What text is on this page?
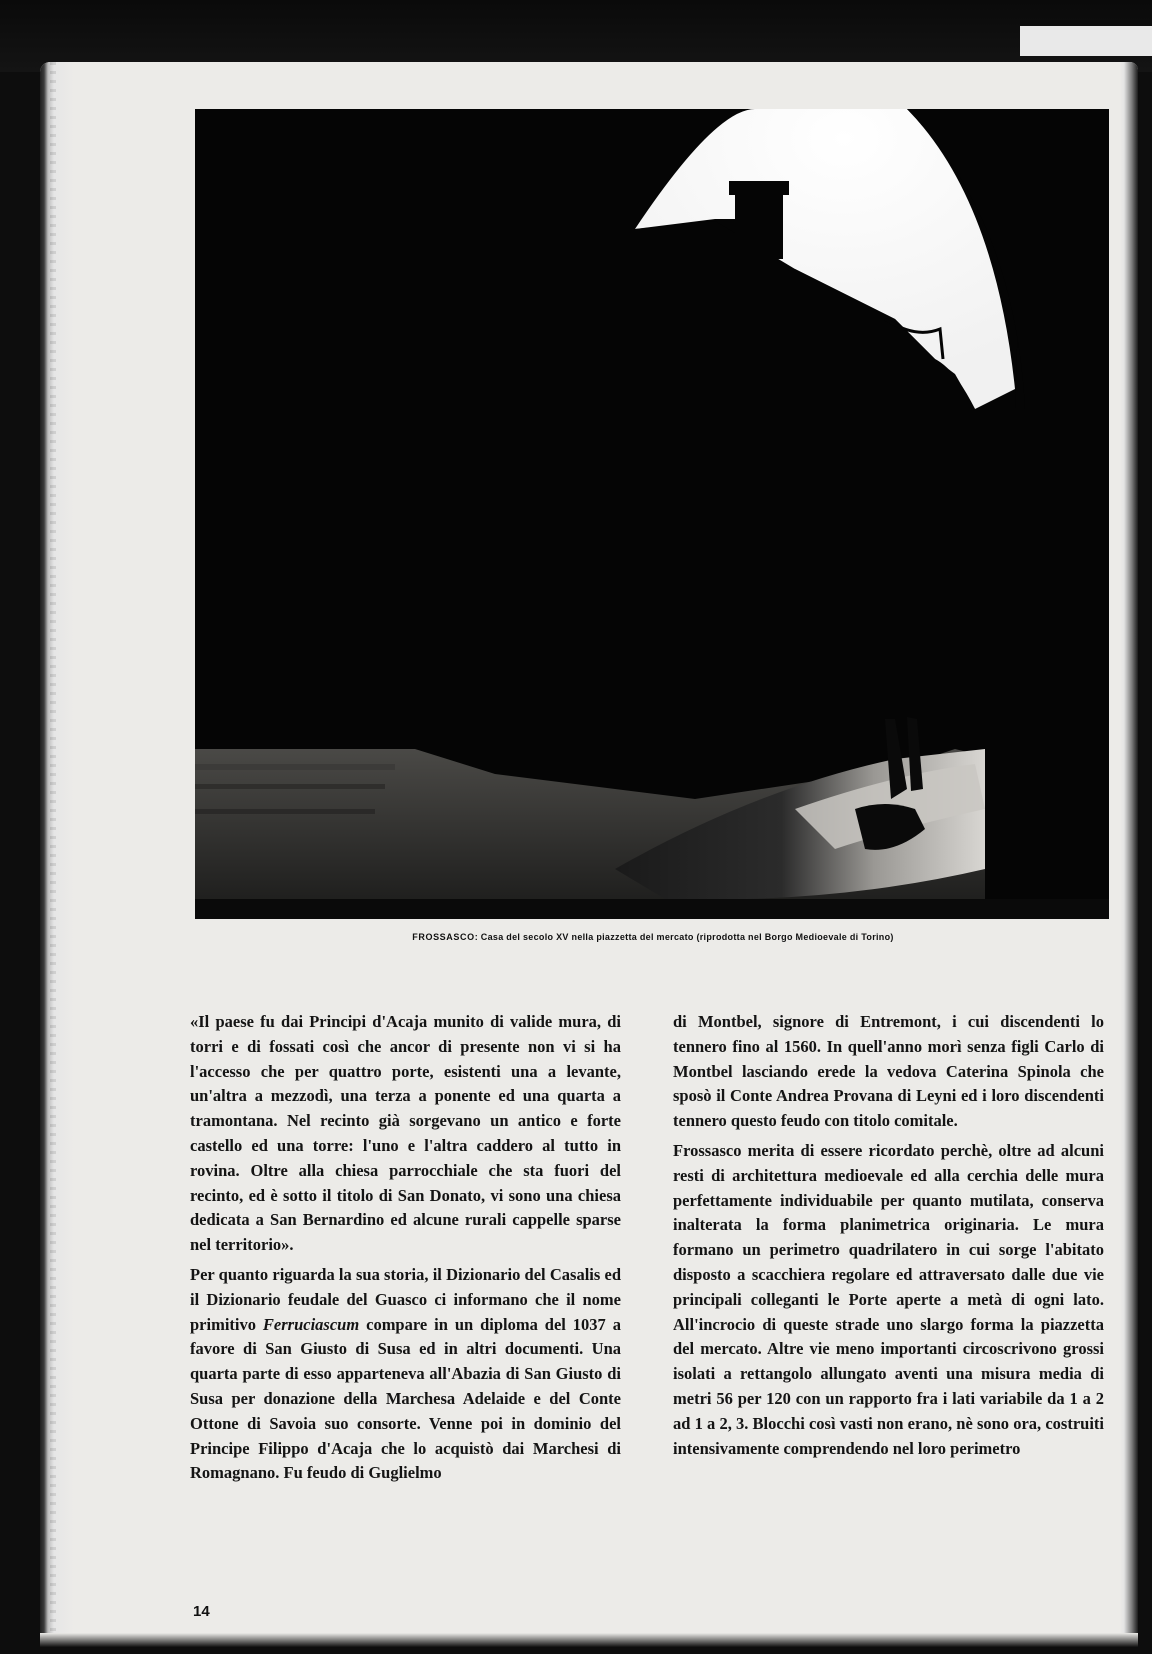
FROSSASCO: Casa del secolo XV nella piazzetta del mercato (riprodotta nel Borgo Medioevale di Torino)

«Il paese fu dai Principi d'Acaja munito di valide mura, di torri e di fossati così che ancor di presente non vi si ha l'accesso che per quattro porte, esistenti una a levante, un'altra a mezzodì, una terza a ponente ed una quarta a tramontana. Nel recinto già sorgevano un antico e forte castello ed una torre: l'uno e l'altra caddero al tutto in rovina. Oltre alla chiesa parrocchiale che sta fuori del recinto, ed è sotto il titolo di San Donato, vi sono una chiesa dedicata a San Bernardino ed alcune rurali cappelle sparse nel territorio».

Per quanto riguarda la sua storia, il Dizionario del Casalis ed il Dizionario feudale del Guasco ci informano che il nome primitivo Ferruciascum compare in un diploma del 1037 a favore di San Giusto di Susa ed in altri documenti. Una quarta parte di esso apparteneva all'Abazia di San Giusto di Susa per donazione della Marchesa Adelaide e del Conte Ottone di Savoia suo consorte. Venne poi in dominio del Principe Filippo d'Acaja che lo acquistò dai Marchesi di Romagnano. Fu feudo di Guglielmo

di Montbel, signore di Entremont, i cui discendenti lo tennero fino al 1560. In quell'anno morì senza figli Carlo di Montbel lasciando erede la vedova Caterina Spinola che sposò il Conte Andrea Provana di Leyni ed i loro discendenti tennero questo feudo con titolo comitale.

Frossasco merita di essere ricordato perchè, oltre ad alcuni resti di architettura medioevale ed alla cerchia delle mura perfettamente individuabile per quanto mutilata, conserva inalterata la forma planimetrica originaria. Le mura formano un perimetro quadrilatero in cui sorge l'abitato disposto a scacchiera regolare ed attraversato dalle due vie principali colleganti le Porte aperte a metà di ogni lato. All'incrocio di queste strade uno slargo forma la piazzetta del mercato. Altre vie meno importanti circoscrivono grossi isolati a rettangolo allungato aventi una misura media di metri 56 per 120 con un rapporto fra i lati variabile da 1 a 2 ad 1 a 2, 3. Blocchi così vasti non erano, nè sono ora, costruiti intensivamente comprendendo nel loro perimetro

14
